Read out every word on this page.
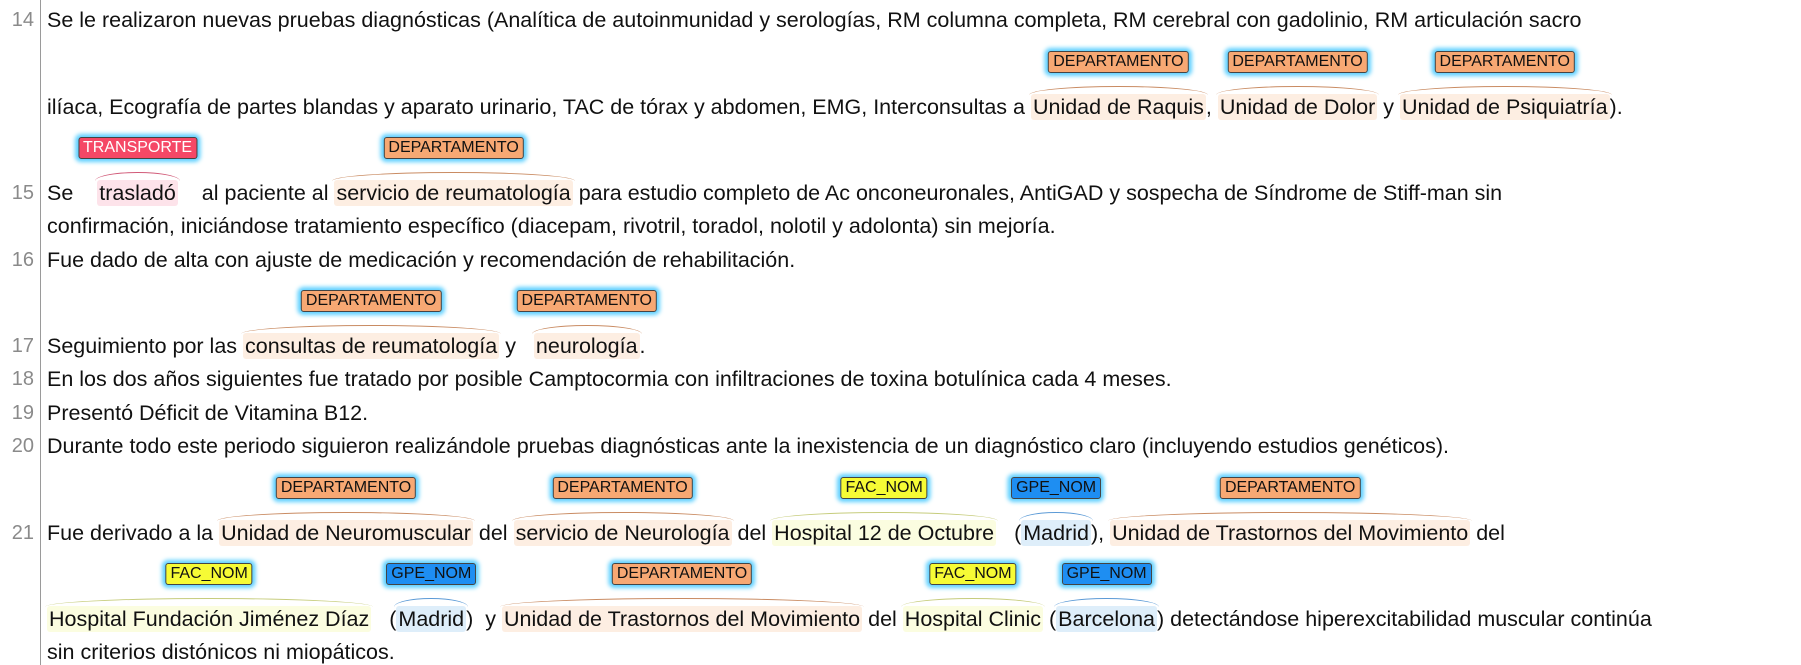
14 Se le realizaron nuevas pruebas diagnósticas (Analítica de autoinmunidad y serologías, RM columna completa, RM cerebral con gadolinio, RM articulación sacro
ilíaca, Ecografía de partes blandas y aparato urinario, TAC de tórax y abdomen, EMG, Interconsultas a
DEPARTAMENTO
Unidad de Raquis,
DEPARTAMENTO
Unidad de Dolor y
DEPARTAMENTO
Unidad de Psiquiatría).
15 Se
TRANSPORTE
trasladó al paciente al
DEPARTAMENTO
servicio de reumatología para estudio completo de Ac onconeuronales, AntiGAD y sospecha de Síndrome de Stiff-man sin
confirmación, iniciándose tratamiento específico (diacepam, rivotril, toradol, nolotil y adolonta) sin mejoría.
16 Fue dado de alta con ajuste de medicación y recomendación de rehabilitación.
17 Seguimiento por las
DEPARTAMENTO
consultas de reumatología y
DEPARTAMENTO
neurología.
18 En los dos años siguientes fue tratado por posible Camptocormia con infiltraciones de toxina botulínica cada 4 meses.
19 Presentó Déficit de Vitamina B12.
20 Durante todo este periodo siguieron realizándole pruebas diagnósticas ante la inexistencia de un diagnóstico claro (incluyendo estudios genéticos).
21 Fue derivado a la
DEPARTAMENTO
Unidad de Neuromuscular del
DEPARTAMENTO
servicio de Neurología del
FAC_NOM
Hospital 12 de Octubre (
GPE_NOM
Madrid),
DEPARTAMENTO
Unidad de Trastornos del Movimiento del
FAC_NOM
Hospital Fundación Jiménez Díaz (
GPE_NOM
Madrid)  y
DEPARTAMENTO
Unidad de Trastornos del Movimiento del
FAC_NOM
Hospital Clinic (
GPE_NOM
Barcelona) detectándose hiperexcitabilidad muscular continúa
sin criterios distónicos ni miopáticos.
